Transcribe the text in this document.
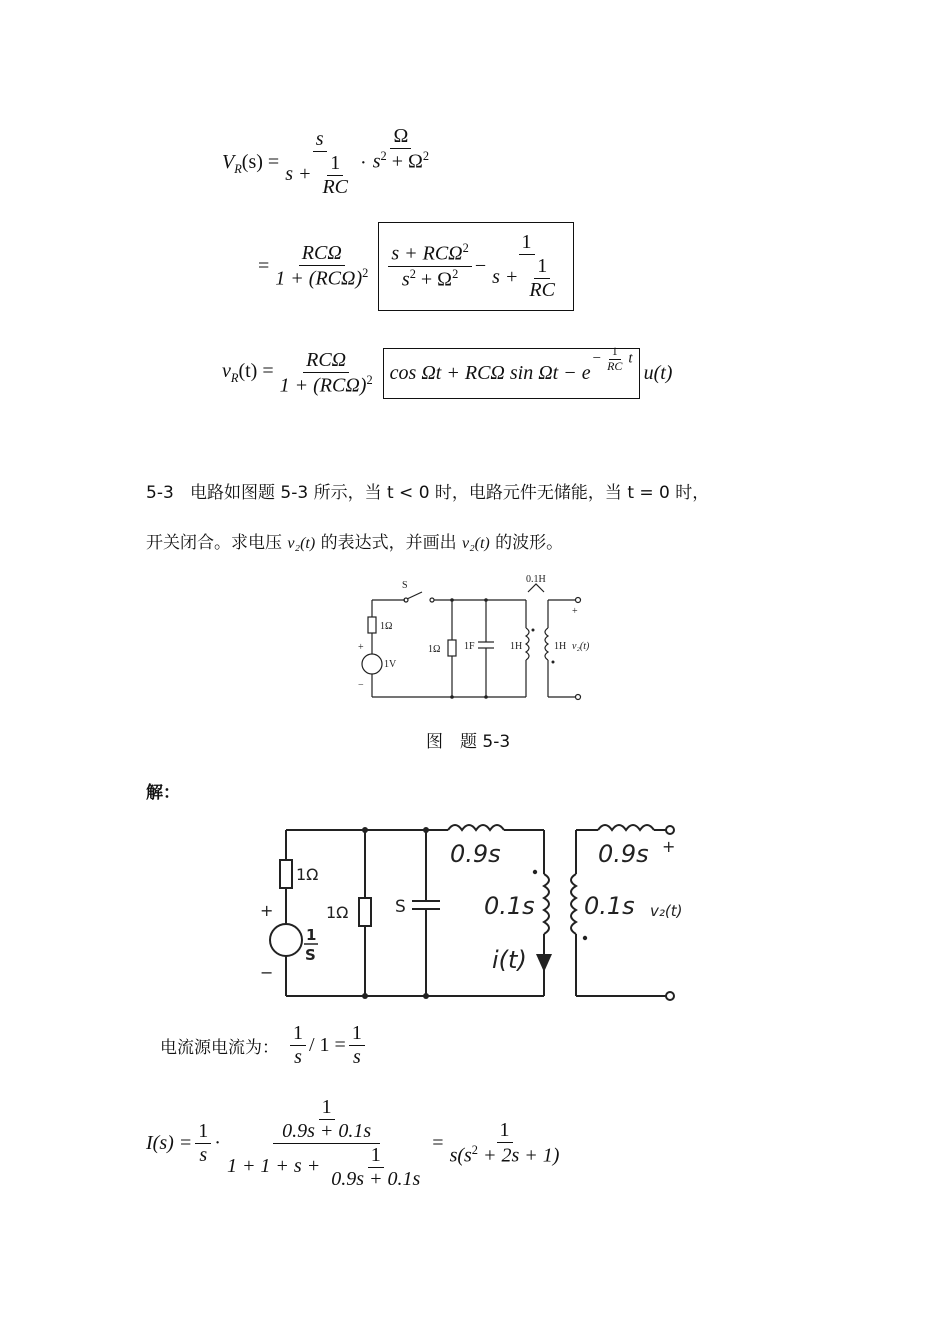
$V_R(s) = \frac{s}{s + \frac{1}{RC}} \cdot \frac{\Omega}{s^2 + \Omega^2}$
= $\frac{\text{RCΩ}}{1 + (RC\Omega)^2} \frac{s + RC\Omega^2}{s^2 + \Omega^2} - \frac{1}{s + \frac{1}{RC}}$
$v_R(t) = \frac{\text{RCΩ}}{1 + (RC\Omega)^2}$ cos Ωt + RCΩ sin Ωt − e
− $\frac{1}{RC}$ t
u(t)
5-3 电路如图题 5-3 所示，当 t < 0 时，电路元件无储能，当 t = 0 时，
开关闭合。求电压 v₂(t) 的表达式，并画出 v₂(t) 的波形。
S
0.1H
1Ω
1V
1Ω 1F	1H	1H v₂(t)
+
−
+
图　题 5-3
解：
1Ω
1Ω
1
S
S
0.9s	0.9s
0.1s 0.1s
i(t)
v₂(t)
+
−
+
电流源电流为： $\frac{1}{s} / 1 = \frac{1}{s}$
$I(s) = \frac{1}{s} \cdot \frac{\frac{1}{0.9s + 0.1s}}{1 + 1 + s + \frac{1}{0.9s + 0.1s}} = \frac{1}{s(s^2 + 2s + 1)}$
